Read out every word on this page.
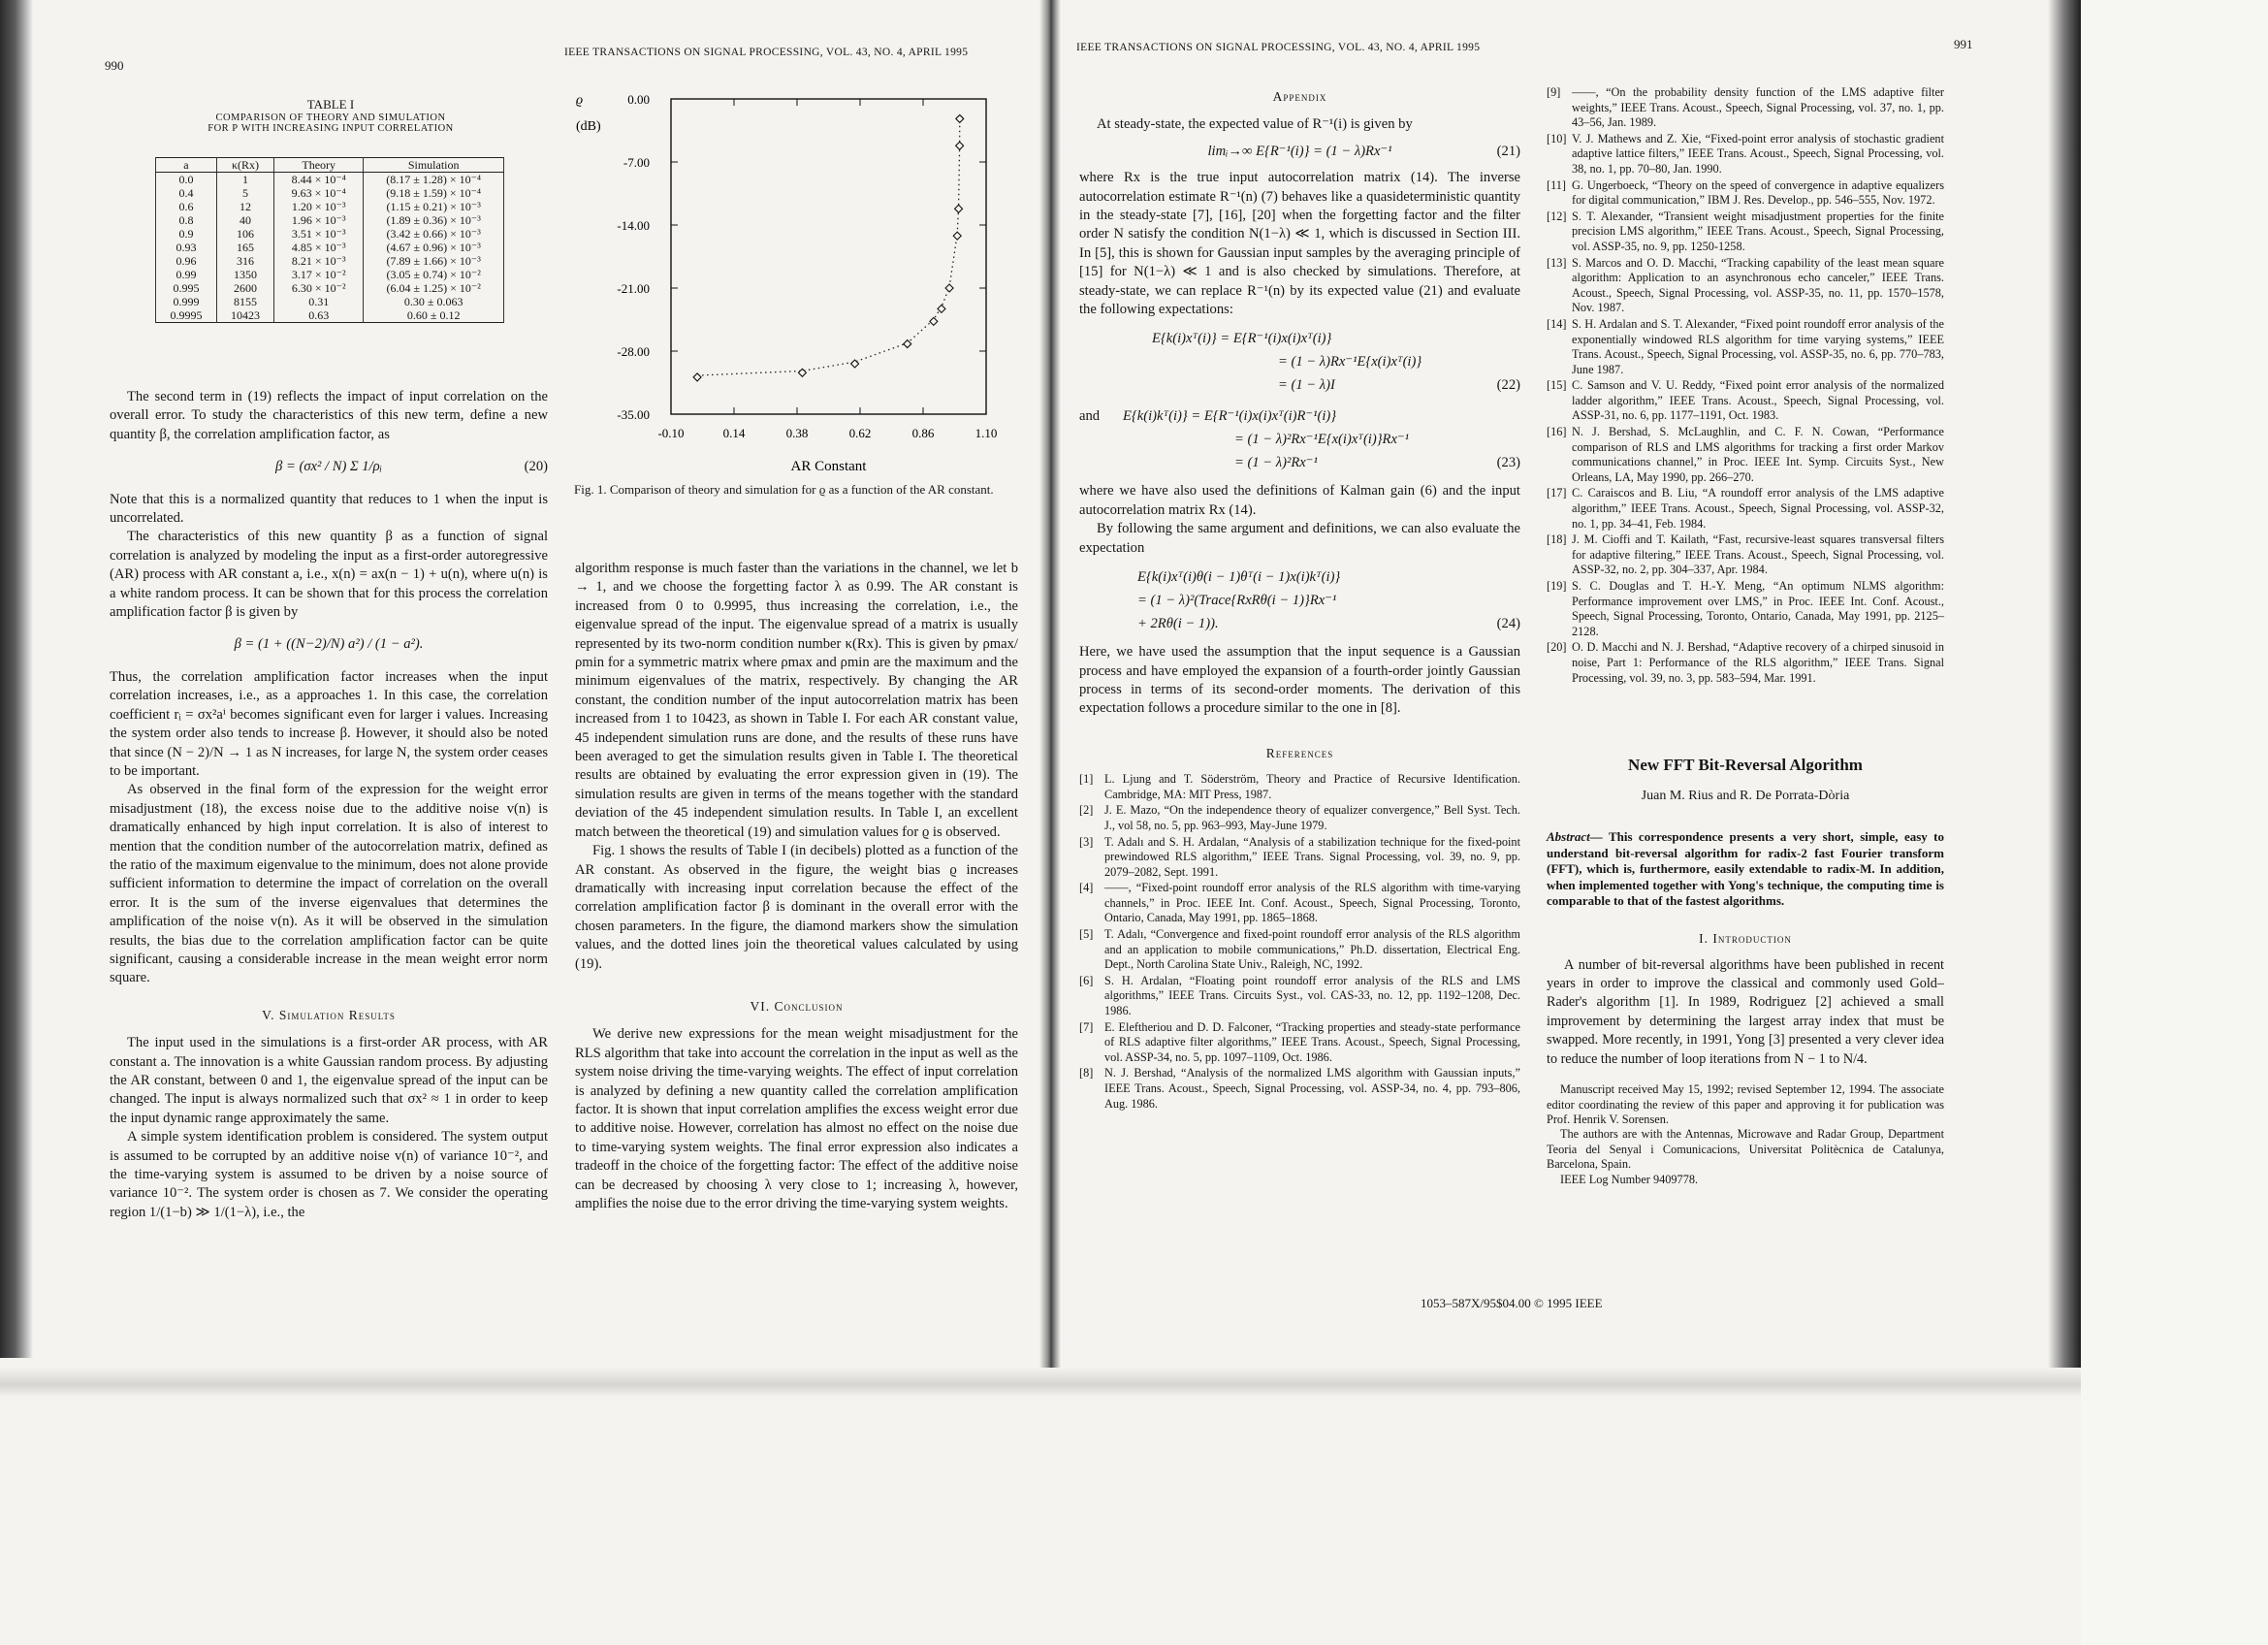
990
IEEE TRANSACTIONS ON SIGNAL PROCESSING, VOL. 43, NO. 4, APRIL 1995
TABLE I
COMPARISON OF THEORY AND SIMULATION
FOR Ρ WITH INCREASING INPUT CORRELATION
a	κ(Rx)	Theory	Simulation
0.0	1	8.44 × 10⁻⁴	(8.17 ± 1.28) × 10⁻⁴
0.4	5	9.63 × 10⁻⁴	(9.18 ± 1.59) × 10⁻⁴
0.6	12	1.20 × 10⁻³	(1.15 ± 0.21) × 10⁻³
0.8	40	1.96 × 10⁻³	(1.89 ± 0.36) × 10⁻³
0.9	106	3.51 × 10⁻³	(3.42 ± 0.66) × 10⁻³
0.93	165	4.85 × 10⁻³	(4.67 ± 0.96) × 10⁻³
0.96	316	8.21 × 10⁻³	(7.89 ± 1.66) × 10⁻³
0.99	1350	3.17 × 10⁻²	(3.05 ± 0.74) × 10⁻²
0.995	2600	6.30 × 10⁻²	(6.04 ± 1.25) × 10⁻²
0.999	8155	0.31	0.30 ± 0.063
0.9995	10423	0.63	0.60 ± 0.12

The second term in (19) reflects the impact of input correlation on the overall error. To study the characteristics of this new term, define a new quantity β, the correlation amplification factor, as

β = (σx² / N) Σ 1/ρᵢ	(20)

Note that this is a normalized quantity that reduces to 1 when the input is uncorrelated.

The characteristics of this new quantity β as a function of signal correlation is analyzed by modeling the input as a first-order autoregressive (AR) process with AR constant a, i.e., x(n) = ax(n − 1) + u(n), where u(n) is a white random process. It can be shown that for this process the correlation amplification factor β is given by

β = (1 + ((N−2)/N) a²) / (1 − a²).

Thus, the correlation amplification factor increases when the input correlation increases, i.e., as a approaches 1. In this case, the correlation coefficient rᵢ = σx²aⁱ becomes significant even for larger i values. Increasing the system order also tends to increase β. However, it should also be noted that since (N − 2)/N → 1 as N increases, for large N, the system order ceases to be important.

As observed in the final form of the expression for the weight error misadjustment (18), the excess noise due to the additive noise v(n) is dramatically enhanced by high input correlation. It is also of interest to mention that the condition number of the autocorrelation matrix, defined as the ratio of the maximum eigenvalue to the minimum, does not alone provide sufficient information to determine the impact of correlation on the overall error. It is the sum of the inverse eigenvalues that determines the amplification of the noise v(n). As it will be observed in the simulation results, the bias due to the correlation amplification factor can be quite significant, causing a considerable increase in the mean weight error norm square.

V. Simulation Results

The input used in the simulations is a first-order AR process, with AR constant a. The innovation is a white Gaussian random process. By adjusting the AR constant, between 0 and 1, the eigenvalue spread of the input can be changed. The input is always normalized such that σx² ≈ 1 in order to keep the input dynamic range approximately the same.

A simple system identification problem is considered. The system output is assumed to be corrupted by an additive noise v(n) of variance 10⁻², and the time-varying system is assumed to be driven by a noise source of variance 10⁻². The system order is chosen as 7. We consider the operating region 1/(1−b) ≫ 1/(1−λ), i.e., the

0.00
-7.00
-14.00
-21.00
-28.00
-35.00
-0.10	0.14	0.38	0.62	0.86	1.10
ϱ
(dB)
AR Constant
Fig. 1. Comparison of theory and simulation for ϱ as a function of the AR constant.

algorithm response is much faster than the variations in the channel, we let b → 1, and we choose the forgetting factor λ as 0.99. The AR constant is increased from 0 to 0.9995, thus increasing the correlation, i.e., the eigenvalue spread of the input. The eigenvalue spread of a matrix is usually represented by its two-norm condition number κ(Rx). This is given by ρmax/ρmin for a symmetric matrix where ρmax and ρmin are the maximum and the minimum eigenvalues of the matrix, respectively. By changing the AR constant, the condition number of the input autocorrelation matrix has been increased from 1 to 10423, as shown in Table I. For each AR constant value, 45 independent simulation runs are done, and the results of these runs have been averaged to get the simulation results given in Table I. The theoretical results are obtained by evaluating the error expression given in (19). The simulation results are given in terms of the means together with the standard deviation of the 45 independent simulation results. In Table I, an excellent match between the theoretical (19) and simulation values for ϱ is observed.

Fig. 1 shows the results of Table I (in decibels) plotted as a function of the AR constant. As observed in the figure, the weight bias ϱ increases dramatically with increasing input correlation because the effect of the correlation amplification factor β is dominant in the overall error with the chosen parameters. In the figure, the diamond markers show the simulation values, and the dotted lines join the theoretical values calculated by using (19).

VI. Conclusion

We derive new expressions for the mean weight misadjustment for the RLS algorithm that take into account the correlation in the input as well as the system noise driving the time-varying weights. The effect of input correlation is analyzed by defining a new quantity called the correlation amplification factor. It is shown that input correlation amplifies the excess weight error due to additive noise. However, correlation has almost no effect on the noise due to time-varying system weights. The final error expression also indicates a tradeoff in the choice of the forgetting factor: The effect of the additive noise can be decreased by choosing λ very close to 1; increasing λ, however, amplifies the noise due to the error driving the time-varying system weights.

IEEE TRANSACTIONS ON SIGNAL PROCESSING, VOL. 43, NO. 4, APRIL 1995	991
Appendix

At steady-state, the expected value of R⁻¹(i) is given by

limᵢ→∞ E{R⁻¹(i)} = (1 − λ)Rx⁻¹	(21)

where Rx is the true input autocorrelation matrix (14). The inverse autocorrelation estimate R⁻¹(n) (7) behaves like a quasideterministic quantity in the steady-state [7], [16], [20] when the forgetting factor and the filter order N satisfy the condition N(1−λ) ≪ 1, which is discussed in Section III. In [5], this is shown for Gaussian input samples by the averaging principle of [15] for N(1−λ) ≪ 1 and is also checked by simulations. Therefore, at steady-state, we can replace R⁻¹(n) by its expected value (21) and evaluate the following expectations:

E{k(i)xᵀ(i)} = E{R⁻¹(i)x(i)xᵀ(i)}
= (1 − λ)Rx⁻¹E{x(i)xᵀ(i)}
= (1 − λ)I	(22)
and	E{k(i)kᵀ(i)} = E{R⁻¹(i)x(i)xᵀ(i)R⁻¹(i)}
= (1 − λ)²Rx⁻¹E{x(i)xᵀ(i)}Rx⁻¹
= (1 − λ)²Rx⁻¹	(23)

where we have also used the definitions of Kalman gain (6) and the input autocorrelation matrix Rx (14).

By following the same argument and definitions, we can also evaluate the expectation

E{k(i)xᵀ(i)θ(i − 1)θᵀ(i − 1)x(i)kᵀ(i)}
= (1 − λ)²(Trace{RxRθ(i − 1)}Rx⁻¹
+ 2Rθ(i − 1)).	(24)

Here, we have used the assumption that the input sequence is a Gaussian process and have employed the expansion of a fourth-order jointly Gaussian process in terms of its second-order moments. The derivation of this expectation follows a procedure similar to the one in [8].

References
[1] L. Ljung and T. Söderström, Theory and Practice of Recursive Identification. Cambridge, MA: MIT Press, 1987.
[2] J. E. Mazo, “On the independence theory of equalizer convergence,” Bell Syst. Tech. J., vol 58, no. 5, pp. 963–993, May-June 1979.
[3] T. Adalı and S. H. Ardalan, “Analysis of a stabilization technique for the fixed-point prewindowed RLS algorithm,” IEEE Trans. Signal Processing, vol. 39, no. 9, pp. 2079–2082, Sept. 1991.
[4] ——, “Fixed-point roundoff error analysis of the RLS algorithm with time-varying channels,” in Proc. IEEE Int. Conf. Acoust., Speech, Signal Processing, Toronto, Ontario, Canada, May 1991, pp. 1865–1868.
[5] T. Adalı, “Convergence and fixed-point roundoff error analysis of the RLS algorithm and an application to mobile communications,” Ph.D. dissertation, Electrical Eng. Dept., North Carolina State Univ., Raleigh, NC, 1992.
[6] S. H. Ardalan, “Floating point roundoff error analysis of the RLS and LMS algorithms,” IEEE Trans. Circuits Syst., vol. CAS-33, no. 12, pp. 1192–1208, Dec. 1986.
[7] E. Eleftheriou and D. D. Falconer, “Tracking properties and steady-state performance of RLS adaptive filter algorithms,” IEEE Trans. Acoust., Speech, Signal Processing, vol. ASSP-34, no. 5, pp. 1097–1109, Oct. 1986.
[8] N. J. Bershad, “Analysis of the normalized LMS algorithm with Gaussian inputs,” IEEE Trans. Acoust., Speech, Signal Processing, vol. ASSP-34, no. 4, pp. 793–806, Aug. 1986.
[9] ——, “On the probability density function of the LMS adaptive filter weights,” IEEE Trans. Acoust., Speech, Signal Processing, vol. 37, no. 1, pp. 43–56, Jan. 1989.
[10] V. J. Mathews and Z. Xie, “Fixed-point error analysis of stochastic gradient adaptive lattice filters,” IEEE Trans. Acoust., Speech, Signal Processing, vol. 38, no. 1, pp. 70–80, Jan. 1990.
[11] G. Ungerboeck, “Theory on the speed of convergence in adaptive equalizers for digital communication,” IBM J. Res. Develop., pp. 546–555, Nov. 1972.
[12] S. T. Alexander, “Transient weight misadjustment properties for the finite precision LMS algorithm,” IEEE Trans. Acoust., Speech, Signal Processing, vol. ASSP-35, no. 9, pp. 1250-1258.
[13] S. Marcos and O. D. Macchi, “Tracking capability of the least mean square algorithm: Application to an asynchronous echo canceler,” IEEE Trans. Acoust., Speech, Signal Processing, vol. ASSP-35, no. 11, pp. 1570–1578, Nov. 1987.
[14] S. H. Ardalan and S. T. Alexander, “Fixed point roundoff error analysis of the exponentially windowed RLS algorithm for time varying systems,” IEEE Trans. Acoust., Speech, Signal Processing, vol. ASSP-35, no. 6, pp. 770–783, June 1987.
[15] C. Samson and V. U. Reddy, “Fixed point error analysis of the normalized ladder algorithm,” IEEE Trans. Acoust., Speech, Signal Processing, vol. ASSP-31, no. 6, pp. 1177–1191, Oct. 1983.
[16] N. J. Bershad, S. McLaughlin, and C. F. N. Cowan, “Performance comparison of RLS and LMS algorithms for tracking a first order Markov communications channel,” in Proc. IEEE Int. Symp. Circuits Syst., New Orleans, LA, May 1990, pp. 266–270.
[17] C. Caraiscos and B. Liu, “A roundoff error analysis of the LMS adaptive algorithm,” IEEE Trans. Acoust., Speech, Signal Processing, vol. ASSP-32, no. 1, pp. 34–41, Feb. 1984.
[18] J. M. Cioffi and T. Kailath, “Fast, recursive-least squares transversal filters for adaptive filtering,” IEEE Trans. Acoust., Speech, Signal Processing, vol. ASSP-32, no. 2, pp. 304–337, Apr. 1984.
[19] S. C. Douglas and T. H.-Y. Meng, “An optimum NLMS algorithm: Performance improvement over LMS,” in Proc. IEEE Int. Conf. Acoust., Speech, Signal Processing, Toronto, Ontario, Canada, May 1991, pp. 2125–2128.
[20] O. D. Macchi and N. J. Bershad, “Adaptive recovery of a chirped sinusoid in noise, Part 1: Performance of the RLS algorithm,” IEEE Trans. Signal Processing, vol. 39, no. 3, pp. 583–594, Mar. 1991.
New FFT Bit-Reversal Algorithm
Juan M. Rius and R. De Porrata-Dòria
Abstract— This correspondence presents a very short, simple, easy to understand bit-reversal algorithm for radix-2 fast Fourier transform (FFT), which is, furthermore, easily extendable to radix-M. In addition, when implemented together with Yong's technique, the computing time is comparable to that of the fastest algorithms.
I. Introduction

A number of bit-reversal algorithms have been published in recent years in order to improve the classical and commonly used Gold–Rader's algorithm [1]. In 1989, Rodriguez [2] achieved a small improvement by determining the largest array index that must be swapped. More recently, in 1991, Yong [3] presented a very clever idea to reduce the number of loop iterations from N − 1 to N/4.

Manuscript received May 15, 1992; revised September 12, 1994. The associate editor coordinating the review of this paper and approving it for publication was Prof. Henrik V. Sorensen.

The authors are with the Antennas, Microwave and Radar Group, Department Teoria del Senyal i Comunicacions, Universitat Politècnica de Catalunya, Barcelona, Spain.

IEEE Log Number 9409778.

1053–587X/95$04.00 © 1995 IEEE
